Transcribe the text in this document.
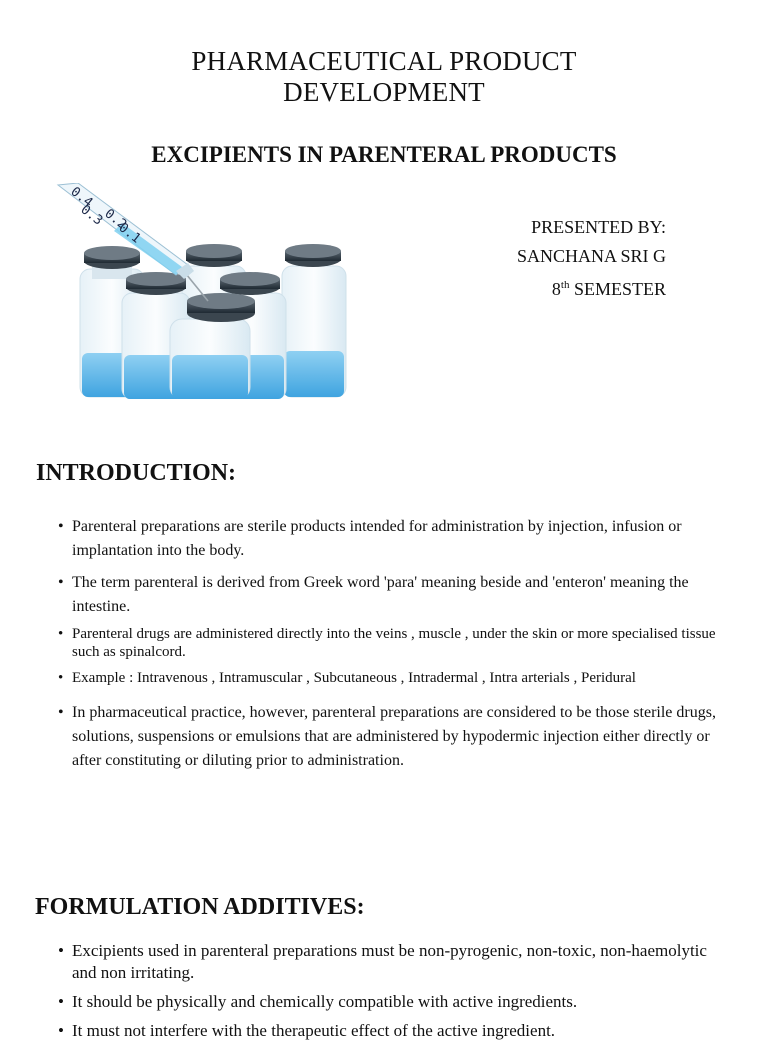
PHARMACEUTICAL PRODUCT
DEVELOPMENT
EXCIPIENTS IN PARENTERAL PRODUCTS
0.4
0.3
0.2
0.1	PRESENTED BY:
SANCHANA SRI G
8th SEMESTER
INTRODUCTION:
• Parenteral preparations are sterile products intended for administration by injection, infusion or implantation into the body.
• The term parenteral is derived from Greek word 'para' meaning beside and 'enteron' meaning the intestine.
• Parenteral drugs are administered directly into the veins , muscle , under the skin or more specialised tissue such as spinalcord.
• Example : Intravenous , Intramuscular , Subcutaneous , Intradermal , Intra arterials , Peridural
• In pharmaceutical practice, however, parenteral preparations are considered to be those sterile drugs, solutions, suspensions or emulsions that are administered by hypodermic injection either directly or after constituting or diluting prior to administration.
FORMULATION ADDITIVES:
• Excipients used in parenteral preparations must be non-pyrogenic, non-toxic, non-haemolytic and non irritating.
• It should be physically and chemically compatible with active ingredients.
• It must not interfere with the therapeutic effect of the active ingredient.
